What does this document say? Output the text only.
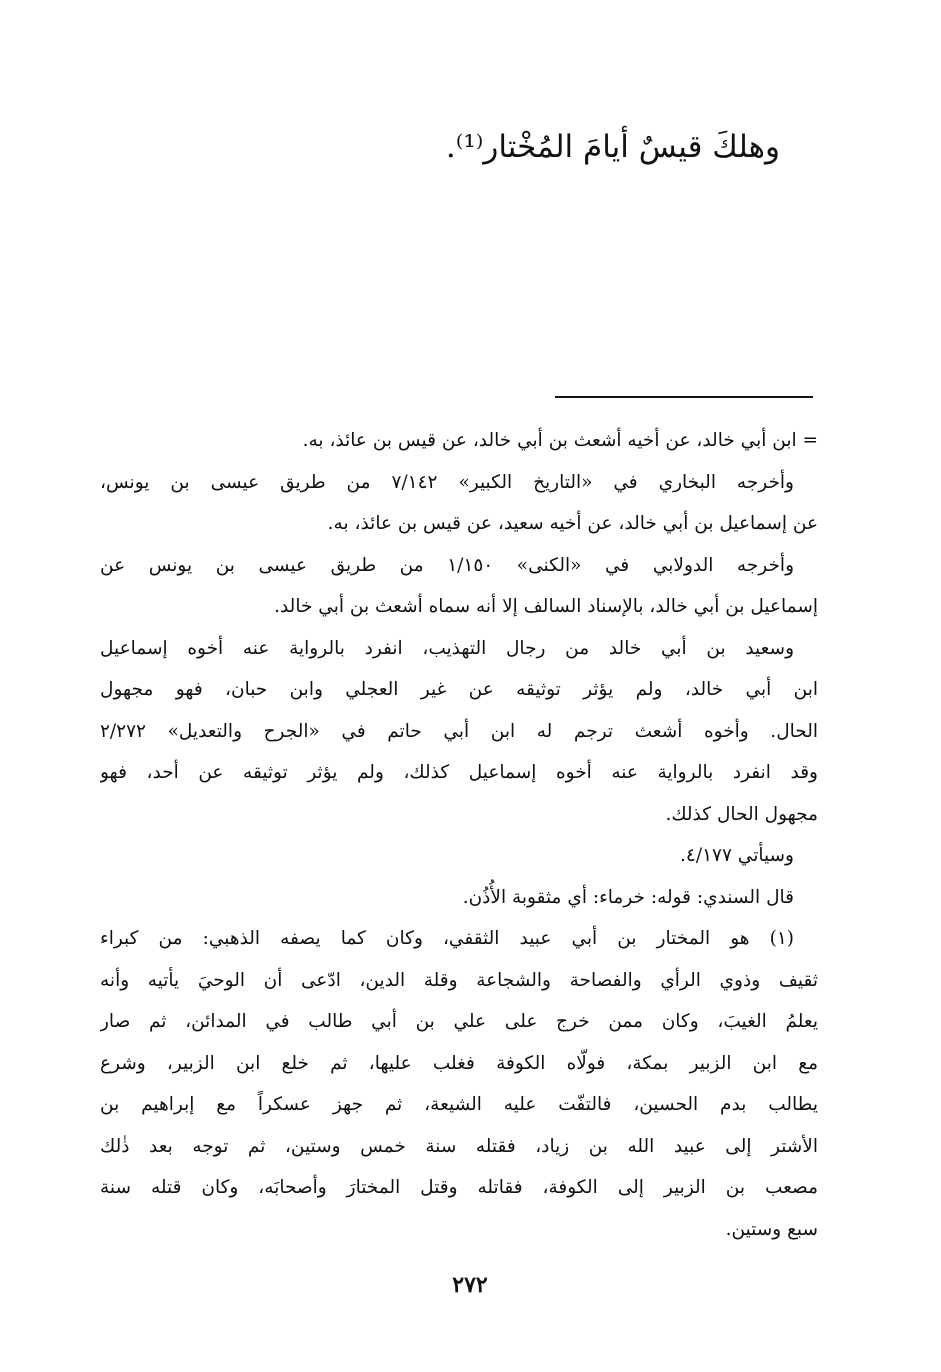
وهلكَ قيسٌ أيامَ المُخْتار⁽¹⁾.
= ابن أبي خالد، عن أخيه أشعث بن أبي خالد، عن قيس بن عائذ، به.
وأخرجه البخاري في «التاريخ الكبير» ٧/١٤٢ من طريق عيسى بن يونس،
عن إسماعيل بن أبي خالد، عن أخيه سعيد، عن قيس بن عائذ، به.
وأخرجه الدولابي في «الكنى» ١/١٥٠ من طريق عيسى بن يونس عن
إسماعيل بن أبي خالد، بالإسناد السالف إلا أنه سماه أشعث بن أبي خالد.
وسعيد بن أبي خالد من رجال التهذيب، انفرد بالرواية عنه أخوه إسماعيل
ابن أبي خالد، ولم يؤثر توثيقه عن غير العجلي وابن حبان، فهو مجهول
الحال. وأخوه أشعث ترجم له ابن أبي حاتم في «الجرح والتعديل» ٢/٢٧٢
وقد انفرد بالرواية عنه أخوه إسماعيل كذلك، ولم يؤثر توثيقه عن أحد، فهو
مجهول الحال كذلك.
وسيأتي ٤/١٧٧.
قال السندي: قوله: خرماء: أي مثقوبة الأُذُن.
(١) هو المختار بن أبي عبيد الثقفي، وكان كما يصفه الذهبي: من كبراء
ثقيف وذوي الرأي والفصاحة والشجاعة وقلة الدين، ادّعى أن الوحيَ يأتيه وأنه
يعلمُ الغيبَ، وكان ممن خرج على علي بن أبي طالب في المدائن، ثم صار
مع ابن الزبير بمكة، فولّاه الكوفة فغلب عليها، ثم خلع ابن الزبير، وشرع
يطالب بدم الحسين، فالتفّت عليه الشيعة، ثم جهز عسكراً مع إبراهيم بن
الأشتر إلى عبيد الله بن زياد، فقتله سنة خمس وستين، ثم توجه بعد ذٰلك
مصعب بن الزبير إلى الكوفة، فقاتله وقتل المختارَ وأصحابَه، وكان قتله سنة
سبع وستين.
٢٧٢
